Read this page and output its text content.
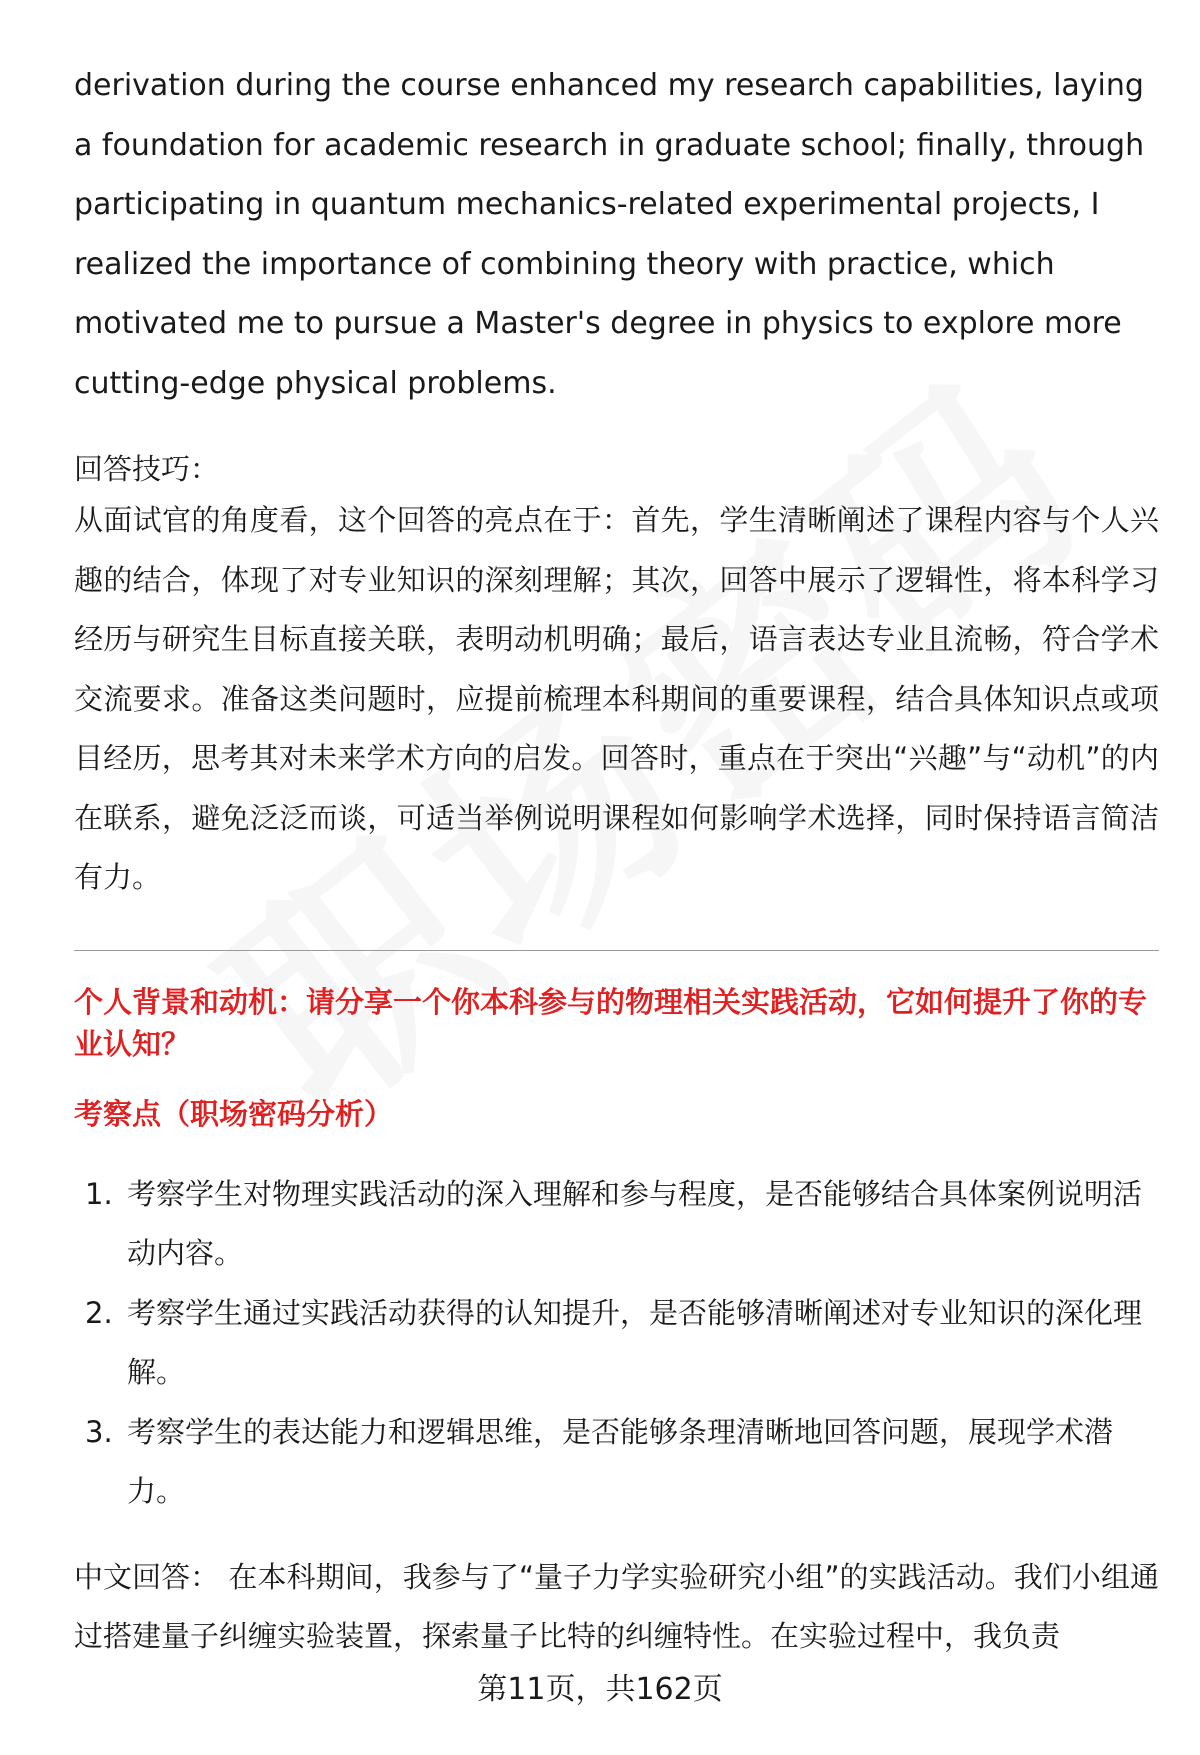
derivation during the course enhanced my research capabilities, laying a foundation for academic research in graduate school; finally, through participating in quantum mechanics-related experimental projects, I realized the importance of combining theory with practice, which motivated me to pursue a Master's degree in physics to explore more cutting-edge physical problems.

回答技巧：

从面试官的角度看，这个回答的亮点在于：首先，学生清晰阐述了课程内容与个人兴趣的结合，体现了对专业知识的深刻理解；其次，回答中展示了逻辑性，将本科学习经历与研究生目标直接关联，表明动机明确；最后，语言表达专业且流畅，符合学术交流要求。准备这类问题时，应提前梳理本科期间的重要课程，结合具体知识点或项目经历，思考其对未来学术方向的启发。回答时，重点在于突出“兴趣”与“动机”的内在联系，避免泛泛而谈，可适当举例说明课程如何影响学术选择，同时保持语言简洁有力。

个人背景和动机：请分享一个你本科参与的物理相关实践活动，它如何提升了你的专业认知？
考察点（职场密码分析）
1. 考察学生对物理实践活动的深入理解和参与程度，是否能够结合具体案例说明活动内容。
2. 考察学生通过实践活动获得的认知提升，是否能够清晰阐述对专业知识的深化理解。
3. 考察学生的表达能力和逻辑思维，是否能够条理清晰地回答问题，展现学术潜力。

中文回答： 在本科期间，我参与了“量子力学实验研究小组”的实践活动。我们小组通过搭建量子纠缠实验装置，探索量子比特的纠缠特性。在实验过程中，我负责

第11页，共162页
